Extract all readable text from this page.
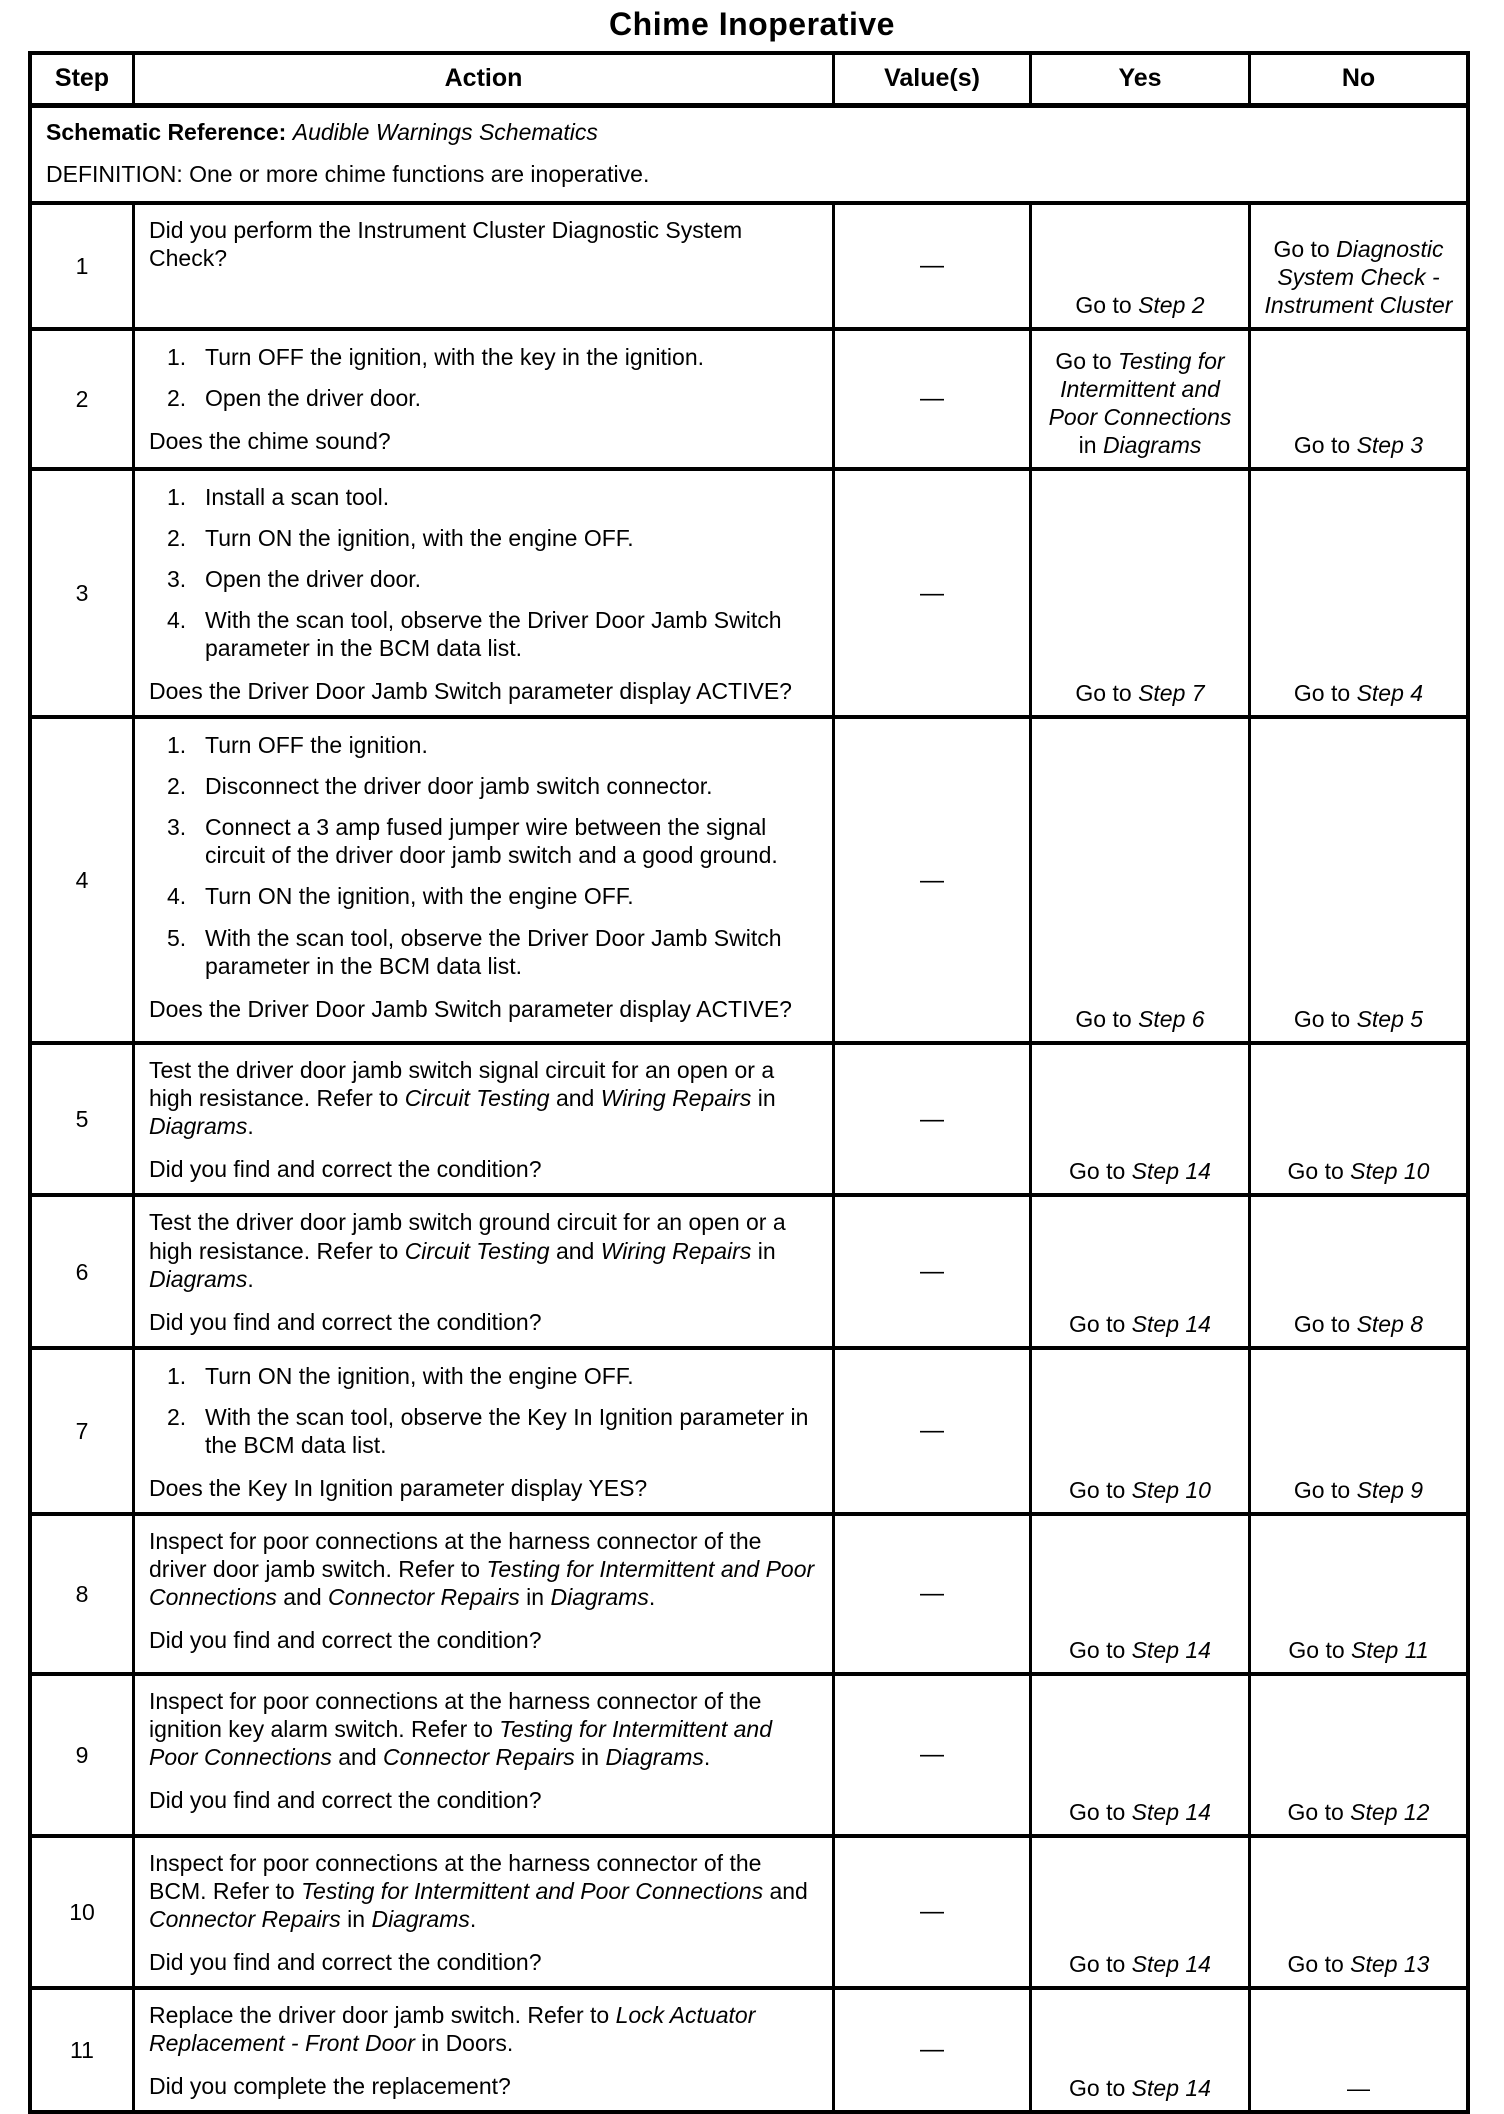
Chime Inoperative
Step	Action	Value(s)	Yes	No

Schematic Reference: Audible Warnings Schematics

DEFINITION: One or more chime functions are inoperative.

1

Did you perform the Instrument Cluster Diagnostic System Check?	—
Go to Step 2
Go to Diagnostic System Check - Instrument Cluster
2
1. Turn OFF the ignition, with the key in the ignition.
2. Open the driver door.

Does the chime sound?

—
Go to Testing for Intermittent and Poor Connections in Diagrams	Go to Step 3
3
1. Install a scan tool.
2. Turn ON the ignition, with the engine OFF.
3. Open the driver door.
4. With the scan tool, observe the Driver Door Jamb Switch parameter in the BCM data list.

Does the Driver Door Jamb Switch parameter display ACTIVE?

—
Go to Step 7	Go to Step 4
4
1. Turn OFF the ignition.
2. Disconnect the driver door jamb switch connector.
3. Connect a 3 amp fused jumper wire between the signal circuit of the driver door jamb switch and a good ground.
4. Turn ON the ignition, with the engine OFF.
5. With the scan tool, observe the Driver Door Jamb Switch parameter in the BCM data list.

Does the Driver Door Jamb Switch parameter display ACTIVE?

—
Go to Step 6	Go to Step 5
5

Test the driver door jamb switch signal circuit for an open or a high resistance. Refer to Circuit Testing and Wiring Repairs in Diagrams.

Did you find and correct the condition?

—
Go to Step 14	Go to Step 10
6

Test the driver door jamb switch ground circuit for an open or a high resistance. Refer to Circuit Testing and Wiring Repairs in Diagrams.

Did you find and correct the condition?

—
Go to Step 14	Go to Step 8
7
1. Turn ON the ignition, with the engine OFF.
2. With the scan tool, observe the Key In Ignition parameter in the BCM data list.

Does the Key In Ignition parameter display YES?

—
Go to Step 10	Go to Step 9
8

Inspect for poor connections at the harness connector of the driver door jamb switch. Refer to Testing for Intermittent and Poor Connections and Connector Repairs in Diagrams.

Did you find and correct the condition?

—
Go to Step 14	Go to Step 11
9

Inspect for poor connections at the harness connector of the ignition key alarm switch. Refer to Testing for Intermittent and Poor Connections and Connector Repairs in Diagrams.

Did you find and correct the condition?

—
Go to Step 14	Go to Step 12
10

Inspect for poor connections at the harness connector of the BCM. Refer to Testing for Intermittent and Poor Connections and Connector Repairs in Diagrams.

Did you find and correct the condition?

—
Go to Step 14	Go to Step 13
11

Replace the driver door jamb switch. Refer to Lock Actuator Replacement - Front Door in Doors.

Did you complete the replacement?

—
Go to Step 14	—
